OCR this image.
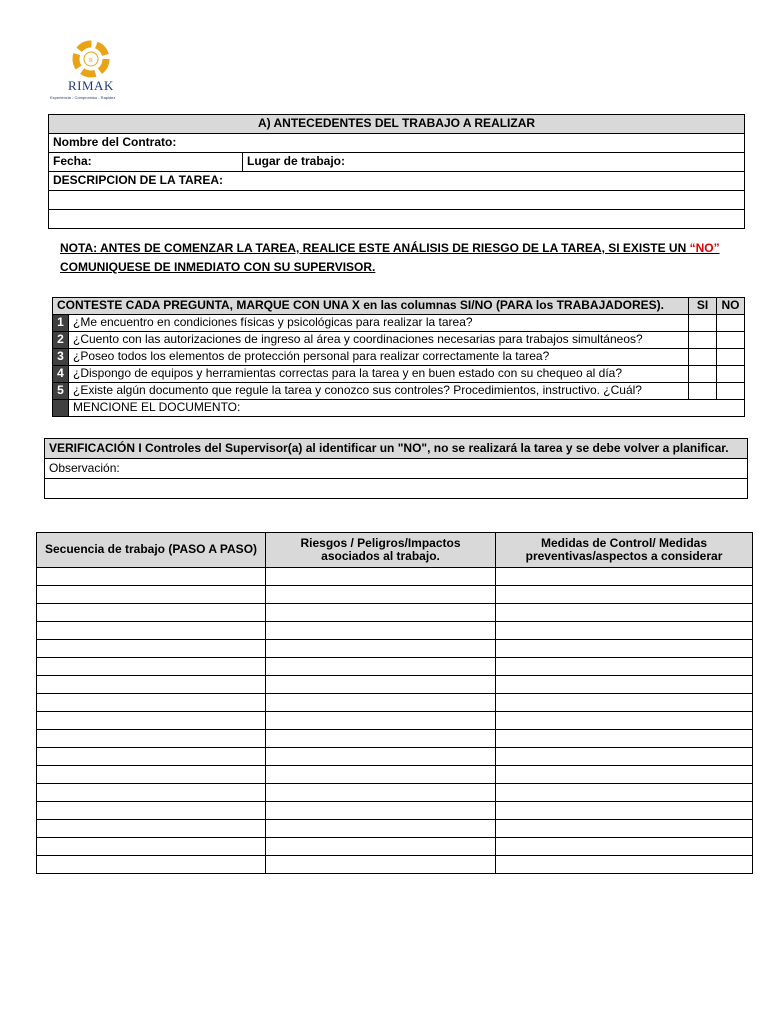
R
RIMAK
Experiencia - Compromiso - Rapidez
A) ANTECEDENTES DEL TRABAJO A REALIZAR
Nombre del Contrato:
Fecha:	Lugar de trabajo:
DESCRIPCION DE LA TAREA:

NOTA: ANTES DE COMENZAR LA TAREA, REALICE ESTE ANÁLISIS DE RIESGO DE LA TAREA, SI EXISTE UN “NO”
COMUNIQUESE DE INMEDIATO CON SU SUPERVISOR.
CONTESTE CADA PREGUNTA, MARQUE CON UNA X en las columnas SI/NO (PARA los TRABAJADORES).		SI	NO
1	¿Me encuentro en condiciones físicas y psicológicas para realizar la tarea?		
2	¿Cuento con las autorizaciones de ingreso al área y coordinaciones necesarias para trabajos simultáneos?		
3	¿Poseo todos los elementos de protección personal para realizar correctamente la tarea?		
4	¿Dispongo de equipos y herramientas correctas para la tarea y en buen estado con su chequeo al día?		
5	¿Existe algún documento que regule la tarea y conozco sus controles? Procedimientos, instructivo. ¿Cuál?		
	MENCIONE EL DOCUMENTO:		
VERIFICACIÓN I Controles del Supervisor(a) al identificar un "NO", no se realizará la tarea y se debe volver a planificar.
Observación:

Secuencia de trabajo (PASO A PASO)	Riesgos / Peligros/Impactos asociados al trabajo.	Medidas de Control/ Medidas preventivas/aspectos a considerar
